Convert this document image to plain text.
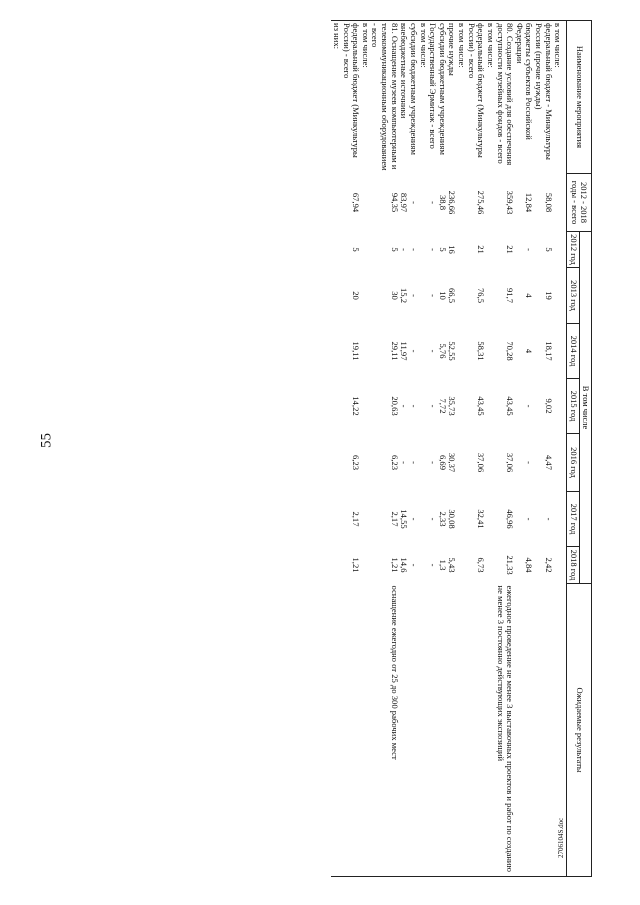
55
Наименование мероприятия	2012 - 2018 годы - всего	В том числе							Ожидаемые результаты
		2012 год	2013 год	2014 год	2015 год	2016 год	2017 год	2018 год	

в том числе:									
федеральный бюджет - Минкультуры России (прочие нужды)	58,08	5	19	18,17	9,02	4,47	-	2,42	
бюджеты субъектов Российской Федерации	12,84	-	4	4	-	-	-	4,84	
80. Создание условий для обеспечения доступности музейных фондов - всего	359,43	21	91,7	70,28	43,45	37,06	46,96	21,33	ежегодное проведение не менее 3 выставочных проектов и работ по созданию не менее 3 постоянно действующих экспозиций
в том числе:									
федеральный бюджет (Минкультуры России) - всего	275,46	21	76,5	58,31	43,45	37,06	32,41	6,73	
в том числе:									
прочие нужды	236,66	16	66,5	52,55	35,73	30,37	30,08	5,43	
субсидии бюджетным учреждениям	38,8	5	10	5,76	7,72	6,69	2,33	1,3	
Государственный Эрмитаж - всего	-	-	-	-	-	-	-	-	
в том числе:									
субсидии бюджетным учреждениям	-	-	-	-	-	-	-	-	
внебюджетные источники	83,97	-	15,2	11,97	-	-	14,55	14,6	
81. Оснащение музеев компьютерным и телекоммуникационным оборудованием - всего	94,35	5	30	29,11	20,63	6,23	2,17	1,21	оснащение ежегодно от 25 до 300 рабочих мест
в том числе:									
федеральный бюджет (Минкультуры России) - всего	67,94	5	20	19,11	14,22	6,23	2,17	1,21	
из них:									
2706104S.doc
